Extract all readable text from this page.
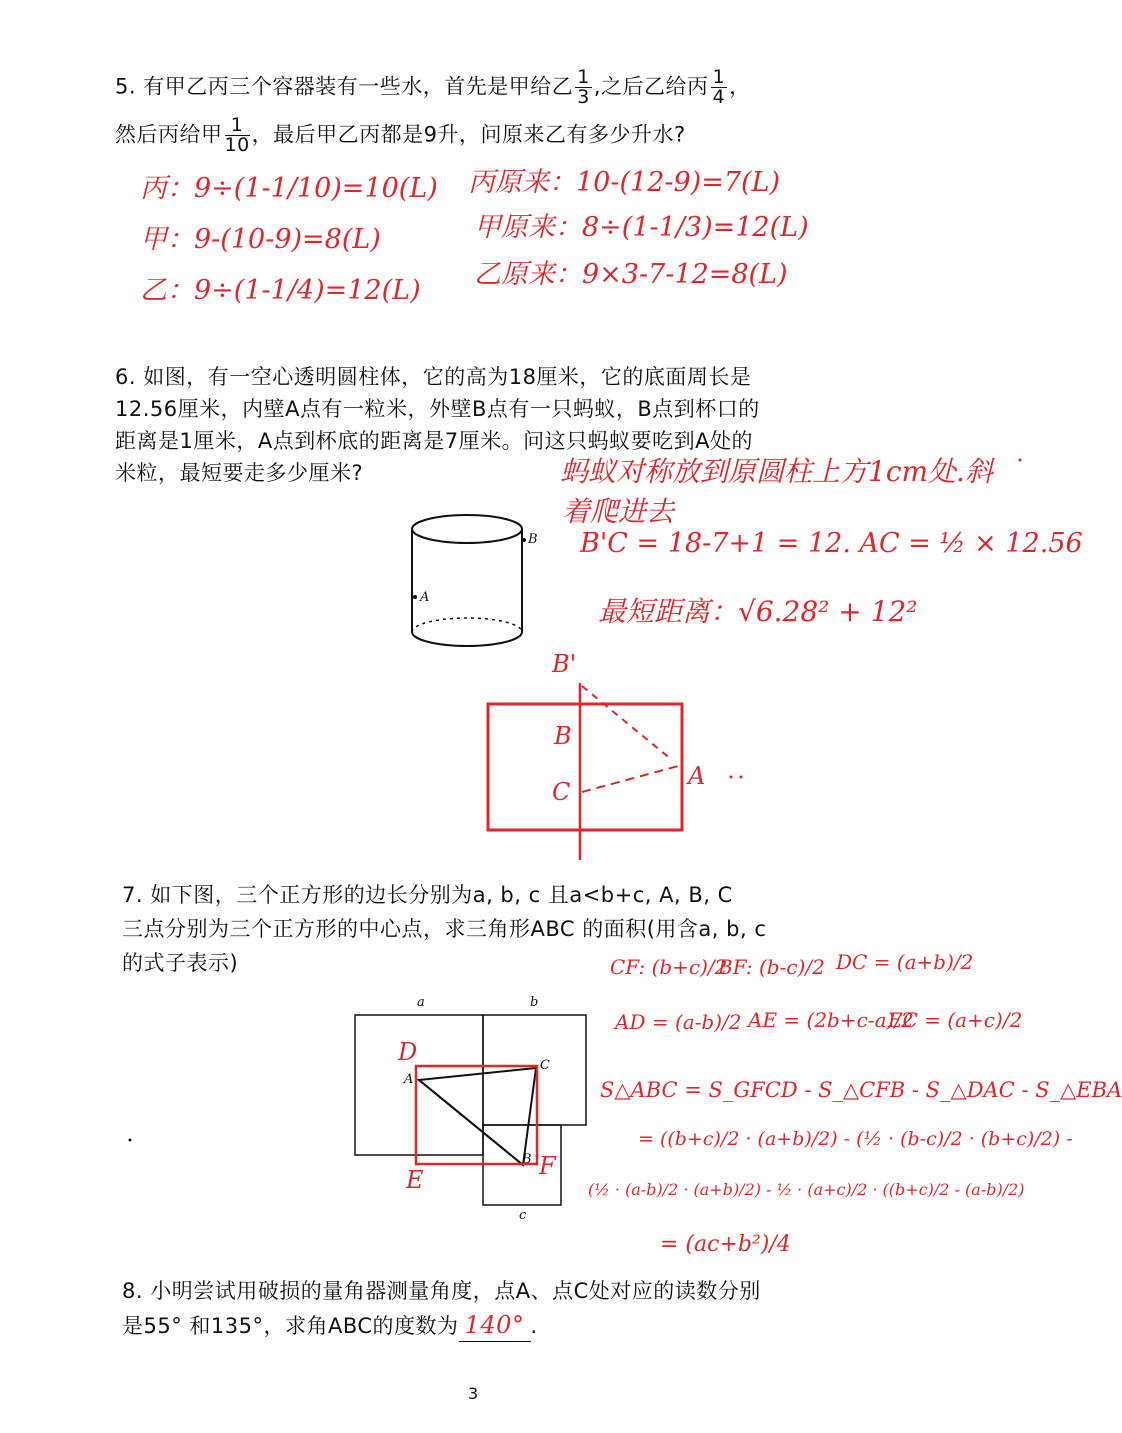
5. 有甲乙丙三个容器装有一些水，首先是甲给乙 $\frac{1}{3}$ ,之后乙给丙 $\frac{1}{4}$ ，
然后丙给甲 $\frac{1}{10}$ ，最后甲乙丙都是9升，问原来乙有多少升水?
丙：9÷(1-1/10)=10(L)
甲：9-(10-9)=8(L)
乙：9÷(1-1/4)=12(L)
丙原来：10-(12-9)=7(L)
甲原来：8÷(1-1/3)=12(L)
乙原来：9×3-7-12=8(L)
6. 如图，有一空心透明圆柱体，它的高为18厘米，它的底面周长是
12.56厘米，内壁A点有一粒米，外壁B点有一只蚂蚁，B点到杯口的
距离是1厘米，A点到杯底的距离是7厘米。问这只蚂蚁要吃到A处的
米粒，最短要走多少厘米?	蚂蚁对称放到原圆柱上方1cm处.斜
着爬进去
B'C = 18-7+1 = 12. AC = ½ × 12.56
最短距离：√6.28² + 12²
A
B
B'
B
C
A
7. 如下图，三个正方形的边长分别为a, b, c 且a<b+c, A, B, C
三点分别为三个正方形的中心点，求三角形ABC 的面积(用含a, b, c
的式子表示)
a	b
c
A
C
B
D
E	F
CF: (b+c)/2
BF: (b-c)/2 DC = (a+b)/2
AD = (a-b)/2 AE = (2b+c-a)/2
EC = (a+c)/2
S△ABC = S_GFCD - S_△CFB - S_△DAC - S_△EBA
= ((b+c)/2 · (a+b)/2) - (½ · (b-c)/2 · (b+c)/2) -
(½ · (a-b)/2 · (a+b)/2) - ½ · (a+c)/2 · ((b+c)/2 - (a-b)/2)
= (ac+b²)/4
8. 小明尝试用破损的量角器测量角度，点A、点C处对应的读数分别
是55° 和135°，求角ABC的度数为 140° .
3
